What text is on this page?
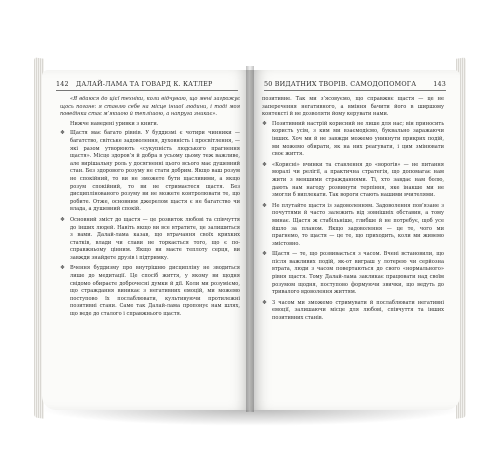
142 ДАЛАЙ-ЛАМА ТА ГОВАРД К. КАТЛЕР

«Я вдаюся до цієї техніки, коли відчуваю, що мені загрожує щось погане: я ставлю себе на місце іншої людини, і тоді моя поведінка стає м’якшою й теплішою, а напруга зникає».

Нижче наведені уривки з книги.

❖ Щастя має багато рівнів. У буддизмі є чотири чинники — багатство, світське задоволення, духовність і просвітлення, — які разом утворюють «сукупність людського прагнення щастя». Місце здоров’я й добра в усьому цьому теж важливе, але вирішальну роль у досягненні цього всього має душевний стан. Без здорового розуму не стати добрим. Якщо ваш розум не спокійний, то ви не зможете бути щасливими, а якщо розум спокійний, то ви не стримаєтеся щастя. Без дисциплінованого розуму ви не можете контролювати те, що робите. Отже, основним джерелом щастя є не багатство чи влада, а душевний спокій.

❖ Основний зміст до щастя — це розвиток любові та співчуття до інших людей. Навіть якщо ви все втратите, це залишиться з вами. Далай-лама казав, що втрачання своїх крихких статків, влади чи слави не торкається того, що є по-справжньому цінним. Якщо ви маєте теплоту серця, ви завжди знайдете друзів і підтримку.

❖ Вчення буддизму про внутрішню дисципліну не зводиться лише до медитації. Це спосіб життя, у якому ви щодня свідомо обираєте доброчесні думки й дії. Коли ми розуміємо, що страждання виникає з негативних емоцій, ми можемо поступово їх послаблювати, культивуючи протилежні позитивні стани. Саме так Далай-лама пропонує нам шлях, що веде до сталого і справжнього щастя.

50 ВИДАТНИХ ТВОРІВ. САМОДОПОМОГА	143

позитивне. Так ми з’ясовуємо, що справжнє щастя — це не заперечення негативного, а вміння бачити його в ширшому контексті й не дозволяти йому керувати нами.

❖ Позитивний настрій корисний не лише для нас; він приносить користь усім, з ким ми взаємодіємо, буквально заражаючи інших. Хоч ми й не завжди можемо уникнути прикрих подій, ми можемо обирати, як на них реагувати, і цим змінювати своє життя.

❖ «Кориснi» вчинки та ставлення до «ворогів» — не питання моралі чи релігії, а практична стратегія, що допомагає нам жити з меншими стражданнями. Ті, хто завдає нам болю, дають нам нагоду розвинути терпіння, яке інакше ми не змогли б виплекати. Так вороги стають нашими вчителями.

❖ Не плутайте щастя із задоволенням. Задоволення пов’язане з почуттями й часто залежить від зовнішніх обставин, а тому минає. Щастя ж стабільніше, глибше й не потребує, щоб усе йшло за планом. Якщо задоволення — це те, чого ми прагнемо, то щастя — це те, що приходить, коли ми живемо змістовно.

❖ Щастя — те, що розвивається з часом. Вчені встановили, що після важливих подій, як-от виграш у лотерею чи серйозна втрата, люди з часом повертаються до свого «нормального» рівня щастя. Тому Далай-лама закликає працювати над своїм розумом щодня, поступово формуючи звички, що ведуть до тривалого вдоволення життям.

❖ З часом ми зможемо стримувати й послаблювати негативні емоції, залишаючи місце для любові, співчуття та інших позитивних станів.
